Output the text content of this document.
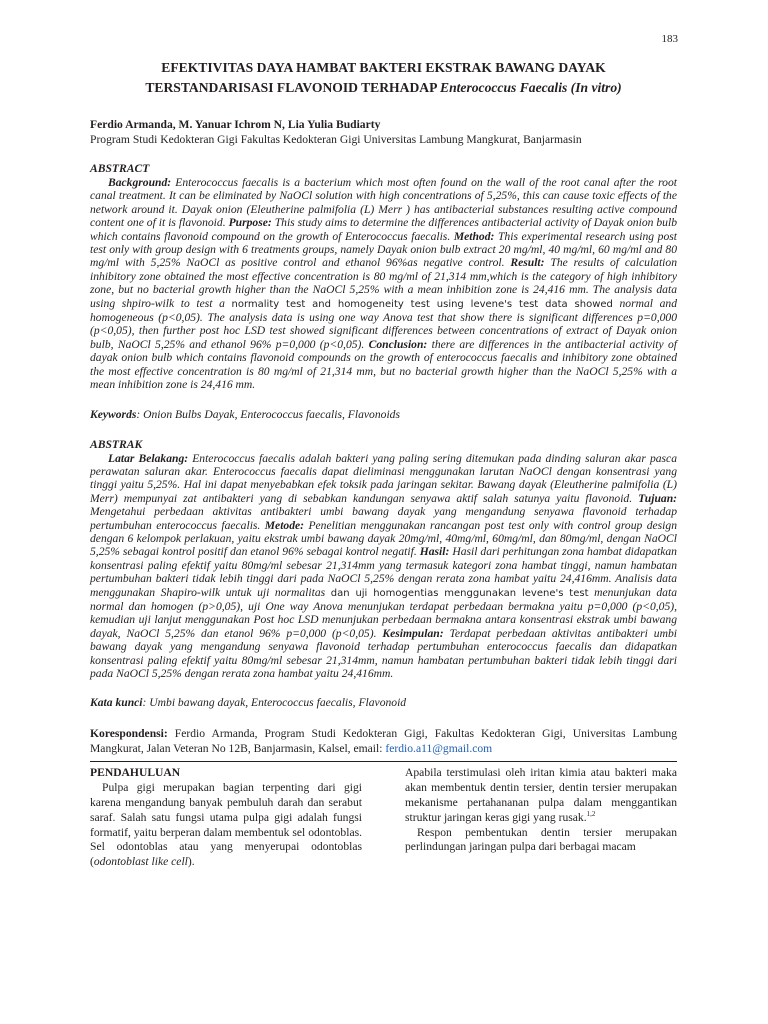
183
EFEKTIVITAS DAYA HAMBAT BAKTERI EKSTRAK BAWANG DAYAK
TERSTANDARISASI FLAVONOID TERHADAP Enterococcus Faecalis (In vitro)
Ferdio Armanda, M. Yanuar Ichrom N, Lia Yulia Budiarty
Program Studi Kedokteran Gigi Fakultas Kedokteran Gigi Universitas Lambung Mangkurat, Banjarmasin
ABSTRACT

Background: Enterococcus faecalis is a bacterium which most often found on the wall of the root canal after the root canal treatment. It can be eliminated by NaOCl solution with high concentrations of 5,25%, this can cause toxic effects of the network around it. Dayak onion (Eleutherine palmifolia (L) Merr ) has antibacterial substances resulting active compound content one of it is flavonoid. Purpose: This study aims to determine the differences antibacterial activity of Dayak onion bulb which contains flavonoid compound on the growth of Enterococcus faecalis. Method: This experimental research using post test only with group design with 6 treatments groups, namely Dayak onion bulb extract 20 mg/ml, 40 mg/ml, 60 mg/ml and 80 mg/ml with 5,25% NaOCl as positive control and ethanol 96%as negative control. Result: The results of calculation inhibitory zone obtained the most effective concentration is 80 mg/ml of 21,314 mm,which is the category of high inhibitory zone, but no bacterial growth higher than the NaOCl 5,25% with a mean inhibition zone is 24,416 mm. The analysis data using shpiro-wilk to test a normality test and homogeneity test using levene's test data showed normal and homogeneous (p<0,05). The analysis data is using one way Anova test that show there is significant differences p=0,000 (p<0,05), then further post hoc LSD test showed significant differences between concentrations of extract of Dayak onion bulb, NaOCl 5,25% and ethanol 96% p=0,000 (p<0,05). Conclusion: there are differences in the antibacterial activity of dayak onion bulb which contains flavonoid compounds on the growth of enterococcus faecalis and inhibitory zone obtained the most effective concentration is 80 mg/ml of 21,314 mm, but no bacterial growth higher than the NaOCl 5,25% with a mean inhibition zone is 24,416 mm.

Keywords: Onion Bulbs Dayak, Enterococcus faecalis, Flavonoids
ABSTRAK

Latar Belakang: Enterococcus faecalis adalah bakteri yang paling sering ditemukan pada dinding saluran akar pasca perawatan saluran akar. Enterococcus faecalis dapat dieliminasi menggunakan larutan NaOCl dengan konsentrasi yang tinggi yaitu 5,25%. Hal ini dapat menyebabkan efek toksik pada jaringan sekitar. Bawang dayak (Eleutherine palmifolia (L) Merr) mempunyai zat antibakteri yang di sebabkan kandungan senyawa aktif salah satunya yaitu flavonoid. Tujuan: Mengetahui perbedaan aktivitas antibakteri umbi bawang dayak yang mengandung senyawa flavonoid terhadap pertumbuhan enterococcus faecalis. Metode: Penelitian menggunakan rancangan post test only with control group design dengan 6 kelompok perlakuan, yaitu ekstrak umbi bawang dayak 20mg/ml, 40mg/ml, 60mg/ml, dan 80mg/ml, dengan NaOCl 5,25% sebagai kontrol positif dan etanol 96% sebagai kontrol negatif. Hasil: Hasil dari perhitungan zona hambat didapatkan konsentrasi paling efektif yaitu 80mg/ml sebesar 21,314mm yang termasuk kategori zona hambat tinggi, namun hambatan pertumbuhan bakteri tidak lebih tinggi dari pada NaOCl 5,25% dengan rerata zona hambat yaitu 24,416mm. Analisis data menggunakan Shapiro-wilk untuk uji normalitas dan uji homogentias menggunakan levene's test menunjukan data normal dan homogen (p>0,05), uji One way Anova menunjukan terdapat perbedaan bermakna yaitu p=0,000 (p<0,05), kemudian uji lanjut menggunakan Post hoc LSD menunjukan perbedaan bermakna antara konsentrasi ekstrak umbi bawang dayak, NaOCl 5,25% dan etanol 96% p=0,000 (p<0,05). Kesimpulan: Terdapat perbedaan aktivitas antibakteri umbi bawang dayak yang mengandung senyawa flavonoid terhadap pertumbuhan enterococcus faecalis dan didapatkan konsentrasi paling efektif yaitu 80mg/ml sebesar 21,314mm, namun hambatan pertumbuhan bakteri tidak lebih tinggi dari pada NaOCl 5,25% dengan rerata zona hambat yaitu 24,416mm.

Kata kunci: Umbi bawang dayak, Enterococcus faecalis, Flavonoid
Korespondensi: Ferdio Armanda, Program Studi Kedokteran Gigi, Fakultas Kedokteran Gigi, Universitas Lambung Mangkurat, Jalan Veteran No 12B, Banjarmasin, Kalsel, email: ferdio.a11@gmail.com

PENDAHULUAN

Pulpa gigi merupakan bagian terpenting dari gigi karena mengandung banyak pembuluh darah dan serabut saraf. Salah satu fungsi utama pulpa gigi adalah fungsi formatif, yaitu berperan dalam membentuk sel odontoblas. Sel odontoblas atau yang menyerupai odontoblas (odontoblast like cell).

Apabila terstimulasi oleh iritan kimia atau bakteri maka akan membentuk dentin tersier, dentin tersier merupakan mekanisme pertahananan pulpa dalam menggantikan struktur jaringan keras gigi yang rusak.$^{1,2}$

Respon pembentukan dentin tersier merupakan perlindungan jaringan pulpa dari berbagai macam
